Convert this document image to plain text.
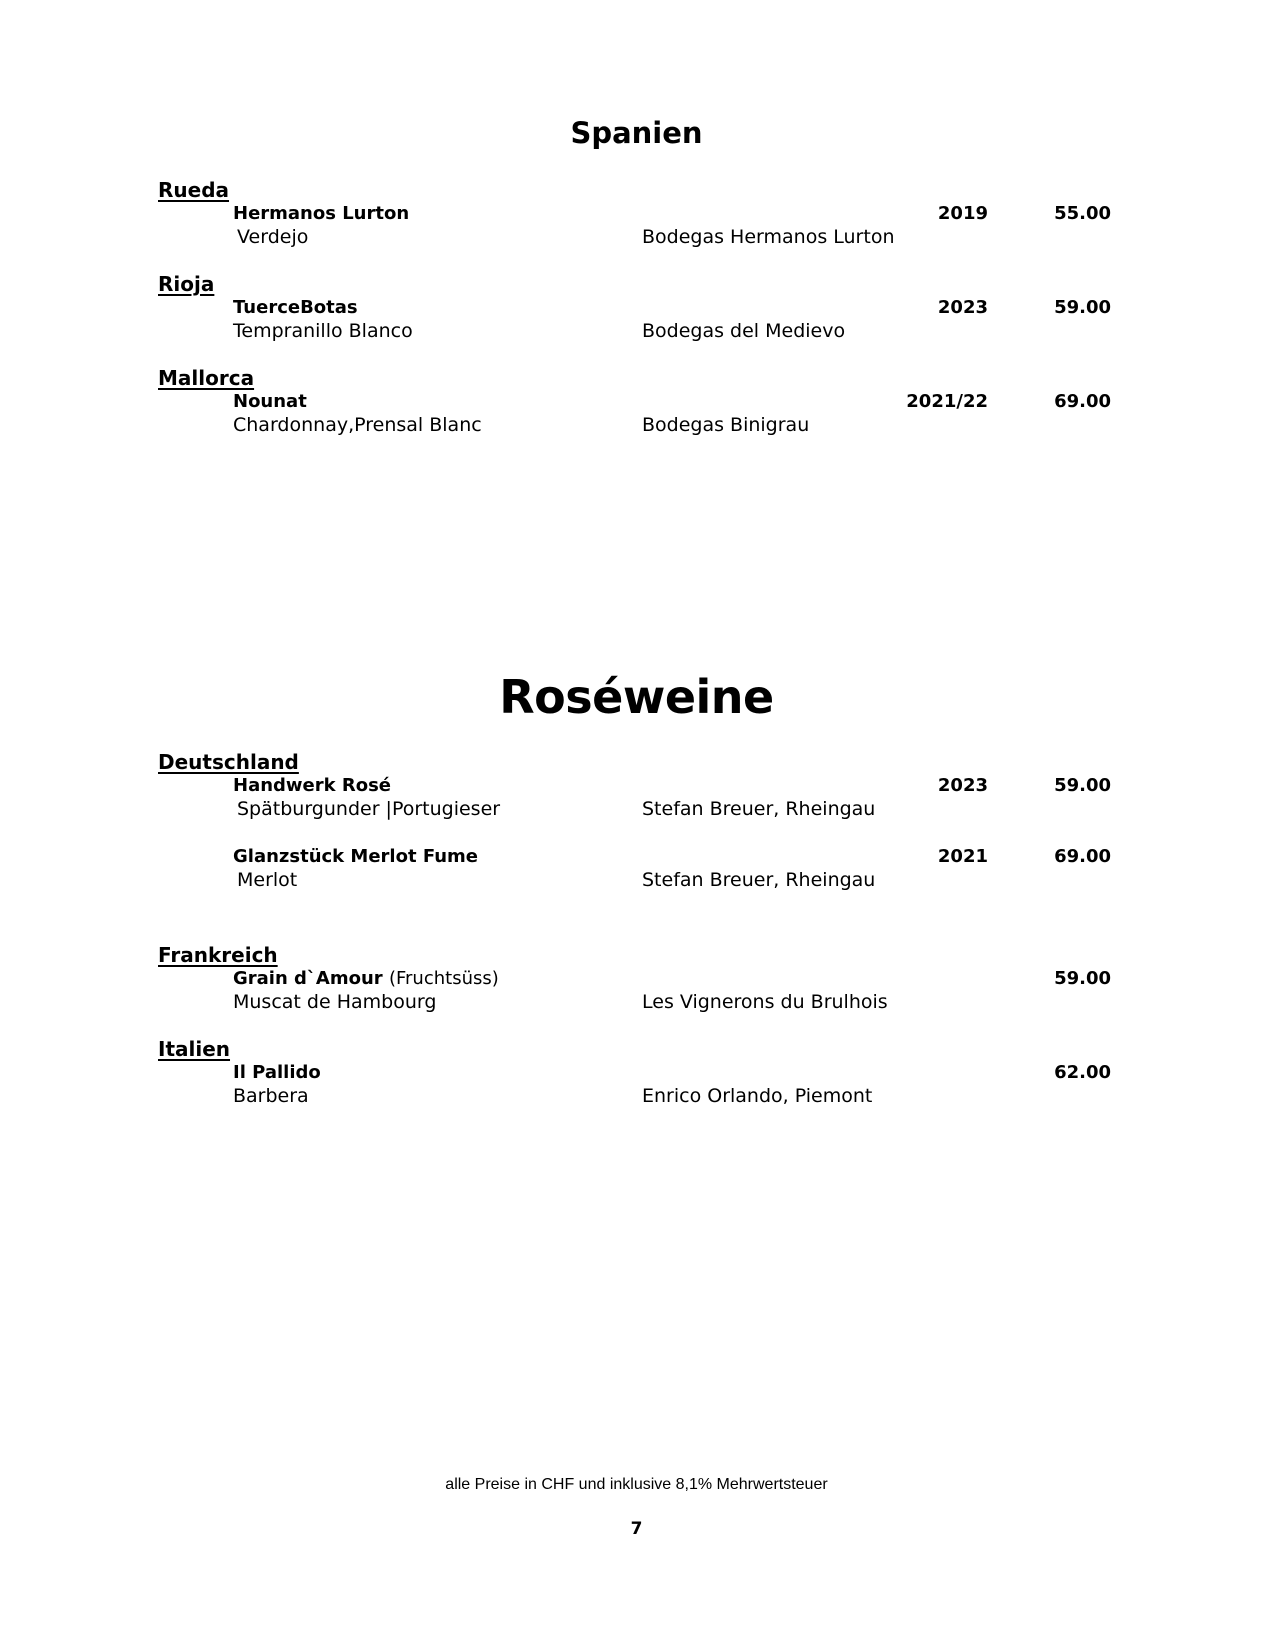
Spanien
Rueda
Hermanos Lurton	2019	55.00
Verdejo	Bodegas Hermanos Lurton
Rioja
TuerceBotas	2023	59.00
Tempranillo Blanco	Bodegas del Medievo
Mallorca
Nounat	2021/22	69.00
Chardonnay,Prensal Blanc	Bodegas Binigrau
Roséweine
Deutschland
Handwerk Rosé	2023	59.00
Spätburgunder |Portugieser	Stefan Breuer, Rheingau
Glanzstück Merlot Fume	2021	69.00
Merlot	Stefan Breuer, Rheingau
Frankreich
Grain d`Amour (Fruchtsüss)	59.00
Muscat de Hambourg	Les Vignerons du Brulhois
Italien
Il Pallido	62.00
Barbera	Enrico Orlando, Piemont
alle Preise in CHF und inklusive 8,1% Mehrwertsteuer
7
